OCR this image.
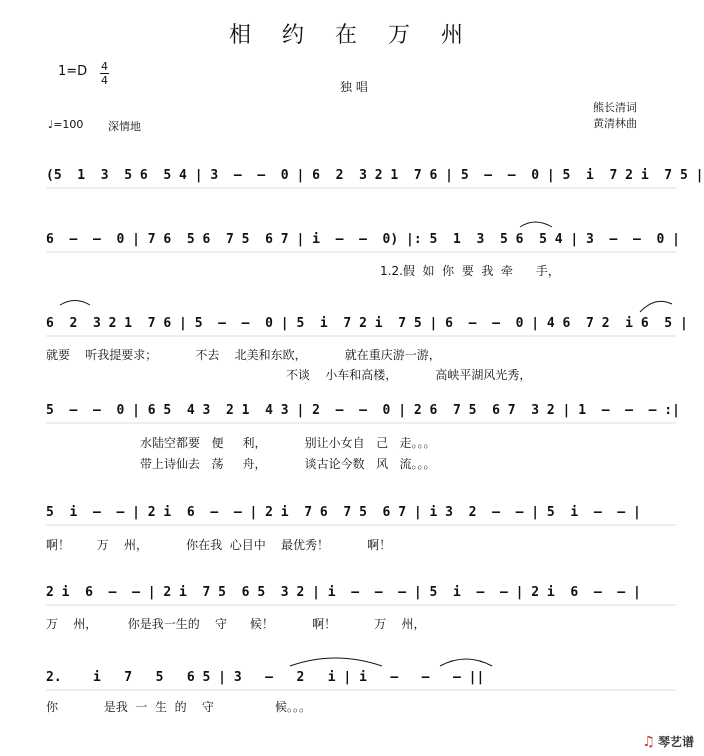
相 约 在 万 州
1=D 4
4	独 唱
熊长清词
黄清林曲
♩=100 深情地
(5  1  3  5 6  5 4 | 3  –  –  0 | 6  2  3 2 1  7 6 | 5  –  –  0 | 5  i  7 2 i  7 5 |
6  –  –  0 | 7 6  5 6  7 5  6 7 | i  –  –  0) |: 5  1  3  5 6  5 4 | 3  –  –  0 |
6  2  3 2 1  7 6 | 5  –  –  0 | 5  i  7 2 i  7 5 | 6  –  –  0 | 4 6  7 2  i 6  5 |
5  –  –  0 | 6 5  4 3  2 1  4 3 | 2  –  –  0 | 2 6  7 5  6 7  3 2 | 1  –  –  – :|
5  i  –  – | 2 i  6  –  – | 2 i  7 6  7 5  6 7 | i 3  2  –  – | 5  i  –  – |
2 i  6  –  – | 2 i  7 5  6 5  3 2 | i  –  –  – | 5  i  –  – | 2 i  6  –  – |
2.    i   7   5   6 5 | 3   –   2   i | i   –   –   – ||
1.2.假  如  你  要  我  牵      手，
就要    听我提要求；          不去    北美和东欧，          就在重庆游一游，
不谈    小车和高楼，          高峡平湖风光秀，
水陆空都要   便     利，          别让小女自   己   走。。。
带上诗仙去   荡     舟，          谈古论今数   风   流。。。
啊！       万    州，          你在我  心目中    最优秀！          啊！
万    州，        你是我一生的    守      候！          啊！          万    州，
你            是我  一  生  的    守                候。。。

♫ 琴艺谱
